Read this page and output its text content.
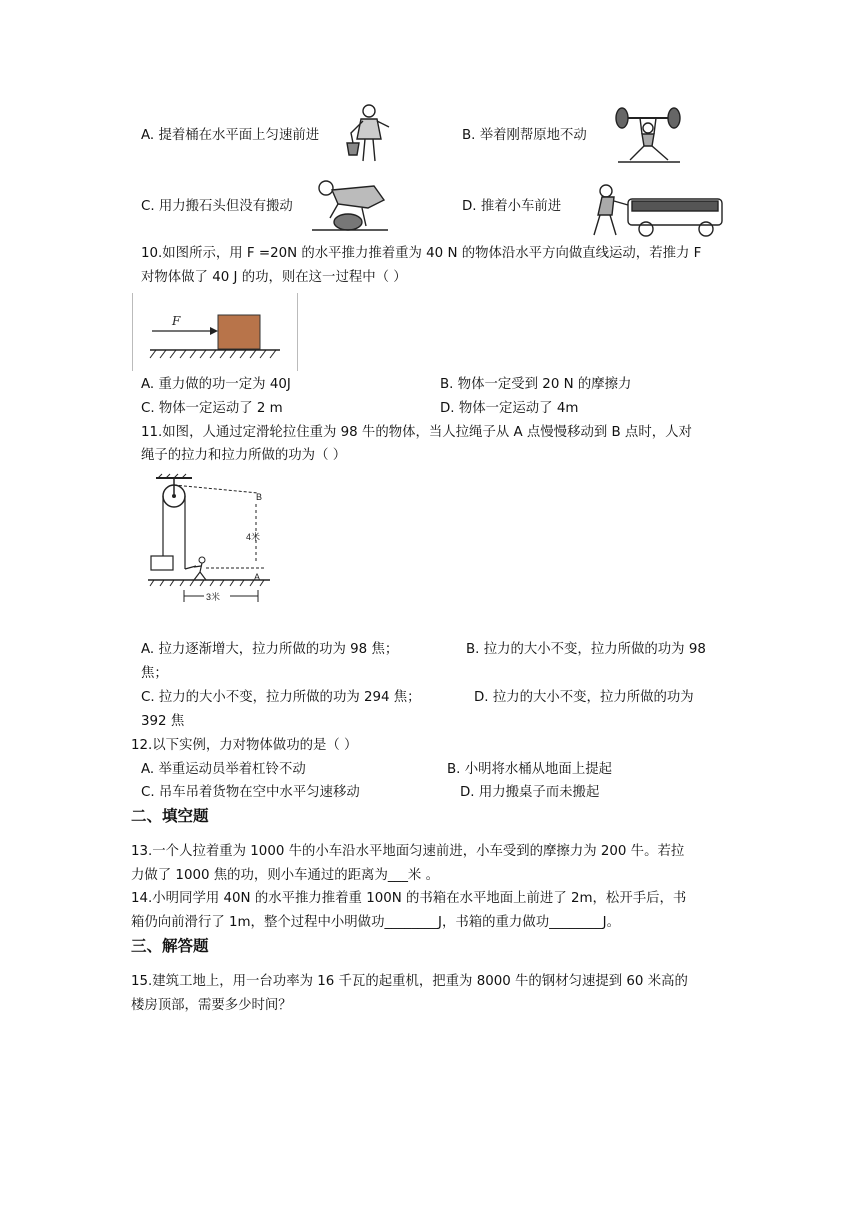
A. 提着桶在水平面上匀速前进	B. 举着刚帮原地不动
C. 用力搬石头但没有搬动	D. 推着小车前进
10.如图所示，用 F =20N 的水平推力推着重为 40 N 的物体沿水平方向做直线运动，若推力 F
对物体做了 40 J 的功，则在这一过程中（ ）
F
A. 重力做的功一定为 40J	B. 物体一定受到 20 N 的摩擦力
C. 物体一定运动了 2 m	D. 物体一定运动了 4m
11.如图，人通过定滑轮拉住重为 98 牛的物体，当人拉绳子从 A 点慢慢移动到 B 点时，人对
绳子的拉力和拉力所做的功为（ ）
B
4米
A
3米
A. 拉力逐渐增大，拉力所做的功为 98 焦；	B. 拉力的大小不变，拉力所做的功为 98
焦；
C. 拉力的大小不变，拉力所做的功为 294 焦；	D. 拉力的大小不变，拉力所做的功为
392 焦
12.以下实例，力对物体做功的是（ ）
A. 举重运动员举着杠铃不动	B. 小明将水桶从地面上提起
C. 吊车吊着货物在空中水平匀速移动	D. 用力搬桌子而未搬起
二、填空题
13.一个人拉着重为 1000 牛的小车沿水平地面匀速前进，小车受到的摩擦力为 200 牛。若拉
力做了 1000 焦的功，则小车通过的距离为___米 。
14.小明同学用 40N 的水平推力推着重 100N 的书箱在水平地面上前进了 2m，松开手后，书
箱仍向前滑行了 1m，整个过程中小明做功________J，书箱的重力做功________J。
三、解答题
15.建筑工地上，用一台功率为 16 千瓦的起重机，把重为 8000 牛的钢材匀速提到 60 米高的
楼房顶部，需要多少时间？
